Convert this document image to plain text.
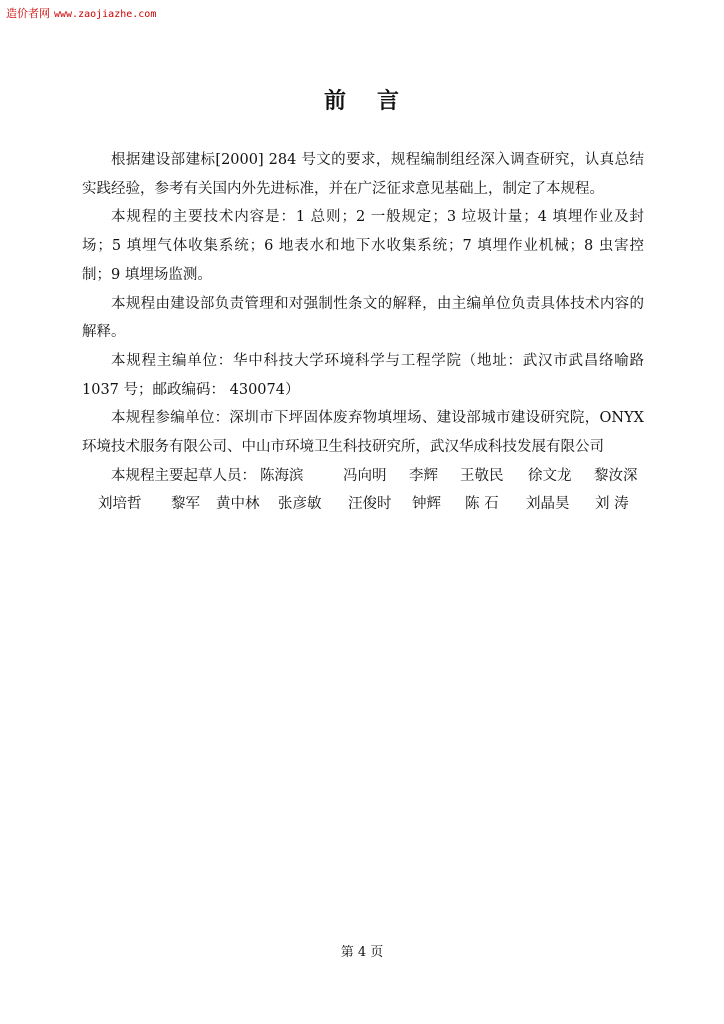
造价者网 www.zaojiazhe.com
前 言

根据建设部建标[2000] 284 号文的要求，规程编制组经深入调查研究，认真总结实践经验，参考有关国内外先进标准，并在广泛征求意见基础上，制定了本规程。

本规程的主要技术内容是：1 总则；2 一般规定；3 垃圾计量；4 填埋作业及封场；5 填埋气体收集系统；6 地表水和地下水收集系统；7 填埋作业机械；8 虫害控制；9 填埋场监测。

本规程由建设部负责管理和对强制性条文的解释，由主编单位负责具体技术内容的解释。

本规程主编单位：华中科技大学环境科学与工程学院（地址：武汉市武昌络喻路 1037 号；邮政编码： 430074）

本规程参编单位：深圳市下坪固体废弃物填埋场、建设部城市建设研究院，ONYX 环境技术服务有限公司、中山市环境卫生科技研究所，武汉华成科技发展有限公司

本规程主要起草人员： 陈海滨	冯向明 李辉 王敬民 徐文龙 黎汝深
刘培哲 黎军 黄中林 张彦敏 汪俊时 钟辉 陈 石 刘晶昊 刘 涛
第 4 页
